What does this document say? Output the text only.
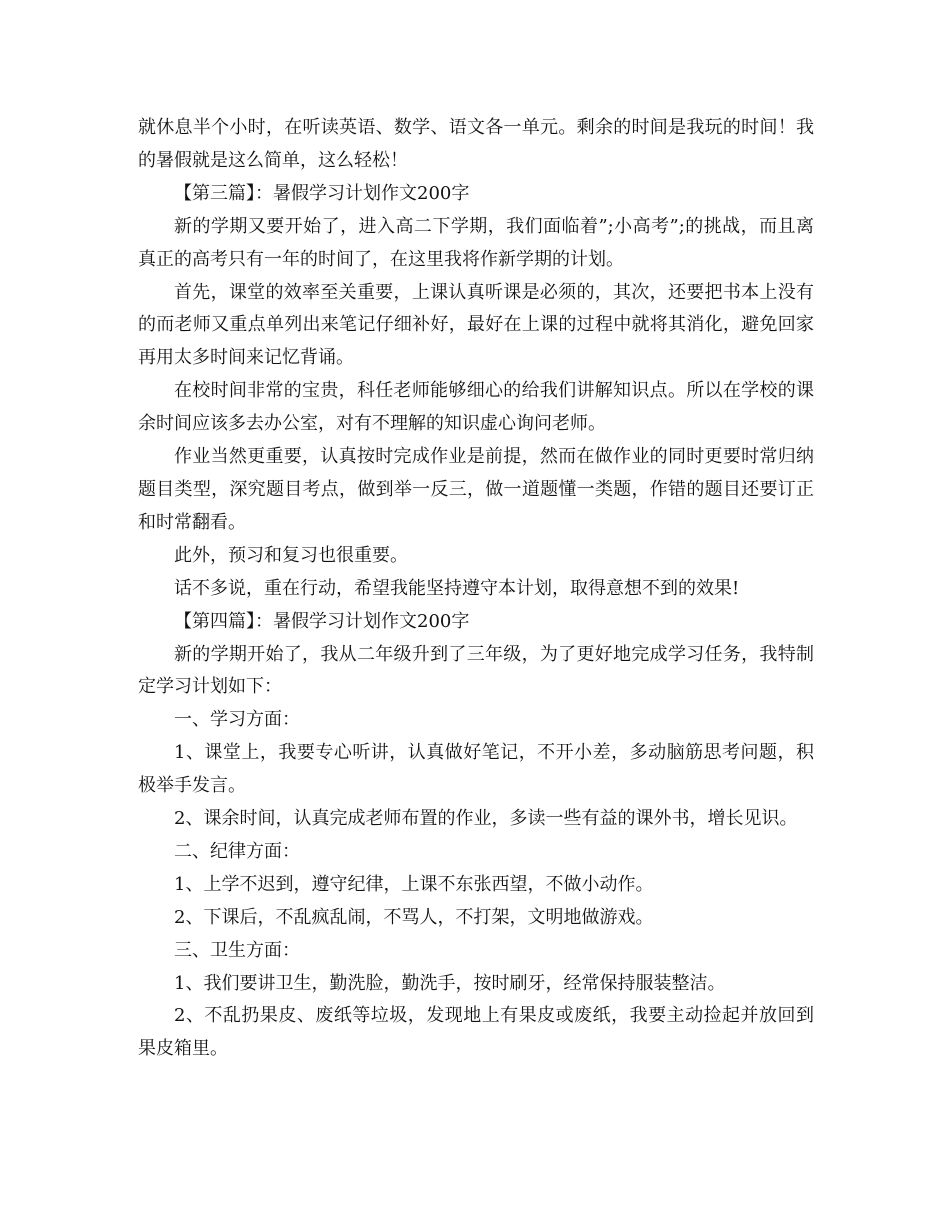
就休息半个小时，在听读英语、数学、语文各一单元。剩余的时间是我玩的时间！我的暑假就是这么简单，这么轻松！

【第三篇】：暑假学习计划作文200字

新的学期又要开始了，进入高二下学期，我们面临着”;小高考”;的挑战，而且离真正的高考只有一年的时间了，在这里我将作新学期的计划。

首先，课堂的效率至关重要，上课认真听课是必须的，其次，还要把书本上没有的而老师又重点单列出来笔记仔细补好，最好在上课的过程中就将其消化，避免回家再用太多时间来记忆背诵。

在校时间非常的宝贵，科任老师能够细心的给我们讲解知识点。所以在学校的课余时间应该多去办公室，对有不理解的知识虚心询问老师。

作业当然更重要，认真按时完成作业是前提，然而在做作业的同时更要时常归纳题目类型，深究题目考点，做到举一反三，做一道题懂一类题，作错的题目还要订正和时常翻看。

此外，预习和复习也很重要。

话不多说，重在行动，希望我能坚持遵守本计划，取得意想不到的效果!

【第四篇】：暑假学习计划作文200字

新的学期开始了，我从二年级升到了三年级，为了更好地完成学习任务，我特制定学习计划如下：

一、学习方面：

1、课堂上，我要专心听讲，认真做好笔记，不开小差，多动脑筋思考问题，积极举手发言。

2、课余时间，认真完成老师布置的作业，多读一些有益的课外书，增长见识。

二、纪律方面：

1、上学不迟到，遵守纪律，上课不东张西望，不做小动作。

2、下课后，不乱疯乱闹，不骂人，不打架，文明地做游戏。

三、卫生方面：

1、我们要讲卫生，勤洗脸，勤洗手，按时刷牙，经常保持服装整洁。

2、不乱扔果皮、废纸等垃圾，发现地上有果皮或废纸，我要主动捡起并放回到果皮箱里。
